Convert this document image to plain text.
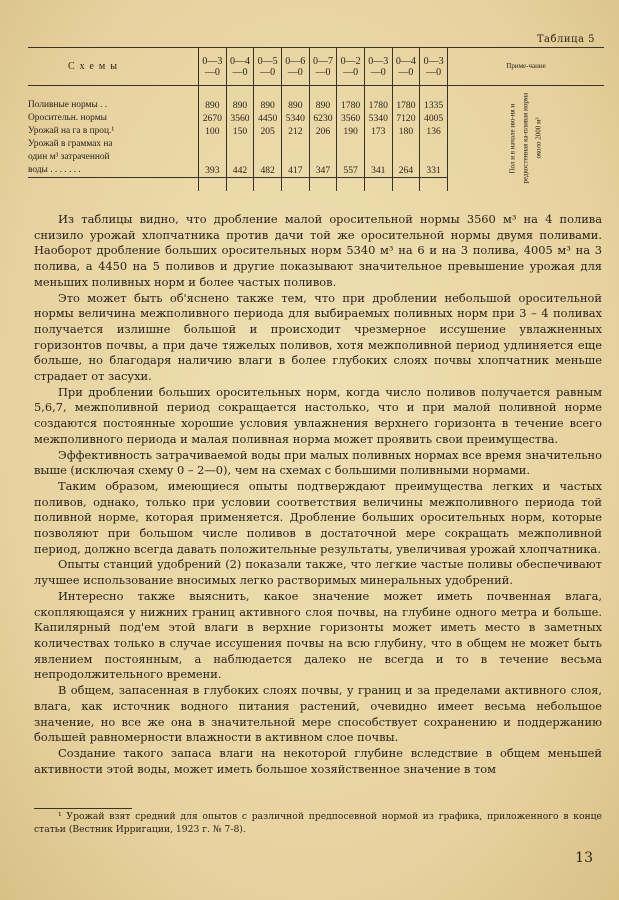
Таблица 5
Схемы	0—3—0	0—4—0	0—5—0	0—6—0	0—7—0	0—2—0	0—3—0	0—4—0	0—3—0	Приме-чание
										Пол и в начале ию-ня и редкостенная ка-пливая норма около 2000 м³
Поливные нормы . .	890	890	890	890	890	1780	1780	1780	1335	
Оросительн. нормы	2670	3560	4450	5340	6230	3560	5340	7120	4005	
Урожай на га в проц.¹	100	150	205	212	206	190	173	180	136	
Урожай в граммах на										
один м³ затраченной										
воды . . . . . . .	393	442	482	417	347	557	341	264	331	

Из таблицы видно, что дробление малой оросительной нормы 3560 м³ на 4 полива снизило урожай хлопчатника против дачи той же оросительной нормы двумя поливами. Наоборот дробление больших оросительных норм 5340 м³ на 6 и на 3 полива, 4005 м³ на 3 полива, а 4450 на 5 поливов и другие показывают значительное превышение урожая для меньших поливных норм и более частых поливов.

Это может быть об'яснено также тем, что при дроблении небольшой оросительной нормы величина межполивного периода для выбираемых поливных норм при 3 – 4 поливах получается излишне большой и происходит чрезмерное иссушение увлажненных горизонтов почвы, а при даче тяжелых поливов, хотя межполивной период удлиняется еще больше, но благодаря наличию влаги в более глубоких слоях почвы хлопчатник меньше страдает от засухи.

При дроблении больших оросительных норм, когда число поливов получается равным 5,6,7, межполивной период сокращается настолько, что и при малой поливной норме создаются постоянные хорошие условия увлажнения верхнего горизонта в течение всего межполивного периода и малая поливная норма может проявить свои преимущества.

Эффективность затрачиваемой воды при малых поливных нормах все время значительно выше (исключая схему 0 – 2—0), чем на схемах с большими поливными нормами.

Таким образом, имеющиеся опыты подтверждают преимущества легких и частых поливов, однако, только при условии соответствия величины межполивного периода той поливной норме, которая применяется. Дробление больших оросительных норм, которые позволяют при большом числе поливов в достаточной мере сокращать межполивной период, должно всегда давать положительные результаты, увеличивая урожай хлопчатника.

Опыты станций удобрений (2) показали также, что легкие частые поливы обеспечивают лучшее использование вносимых легко растворимых минеральных удобрений.

Интересно также выяснить, какое значение может иметь почвенная влага, скопляющаяся у нижних границ активного слоя почвы, на глубине одного метра и больше. Капилярный под'ем этой влаги в верхние горизонты может иметь место в заметных количествах только в случае иссушения почвы на всю глубину, что в общем не может быть явлением постоянным, а наблюдается далеко не всегда и то в течение весьма непродолжительного времени.

В общем, запасенная в глубоких слоях почвы, у границ и за пределами активного слоя, влага, как источник водного питания растений, очевидно имеет весьма небольшое значение, но все же она в значительной мере способствует сохранению и поддержанию большей равномерности влажности в активном слое почвы.

Создание такого запаса влаги на некоторой глубине вследствие в общем меньшей активности этой воды, может иметь большое хозяйственное значение в том

¹ Урожай взят средний для опытов с различной предпосевной нормой из графика, приложенного в конце статьи (Вестник Ирригации, 1923 г. № 7-8).
13
